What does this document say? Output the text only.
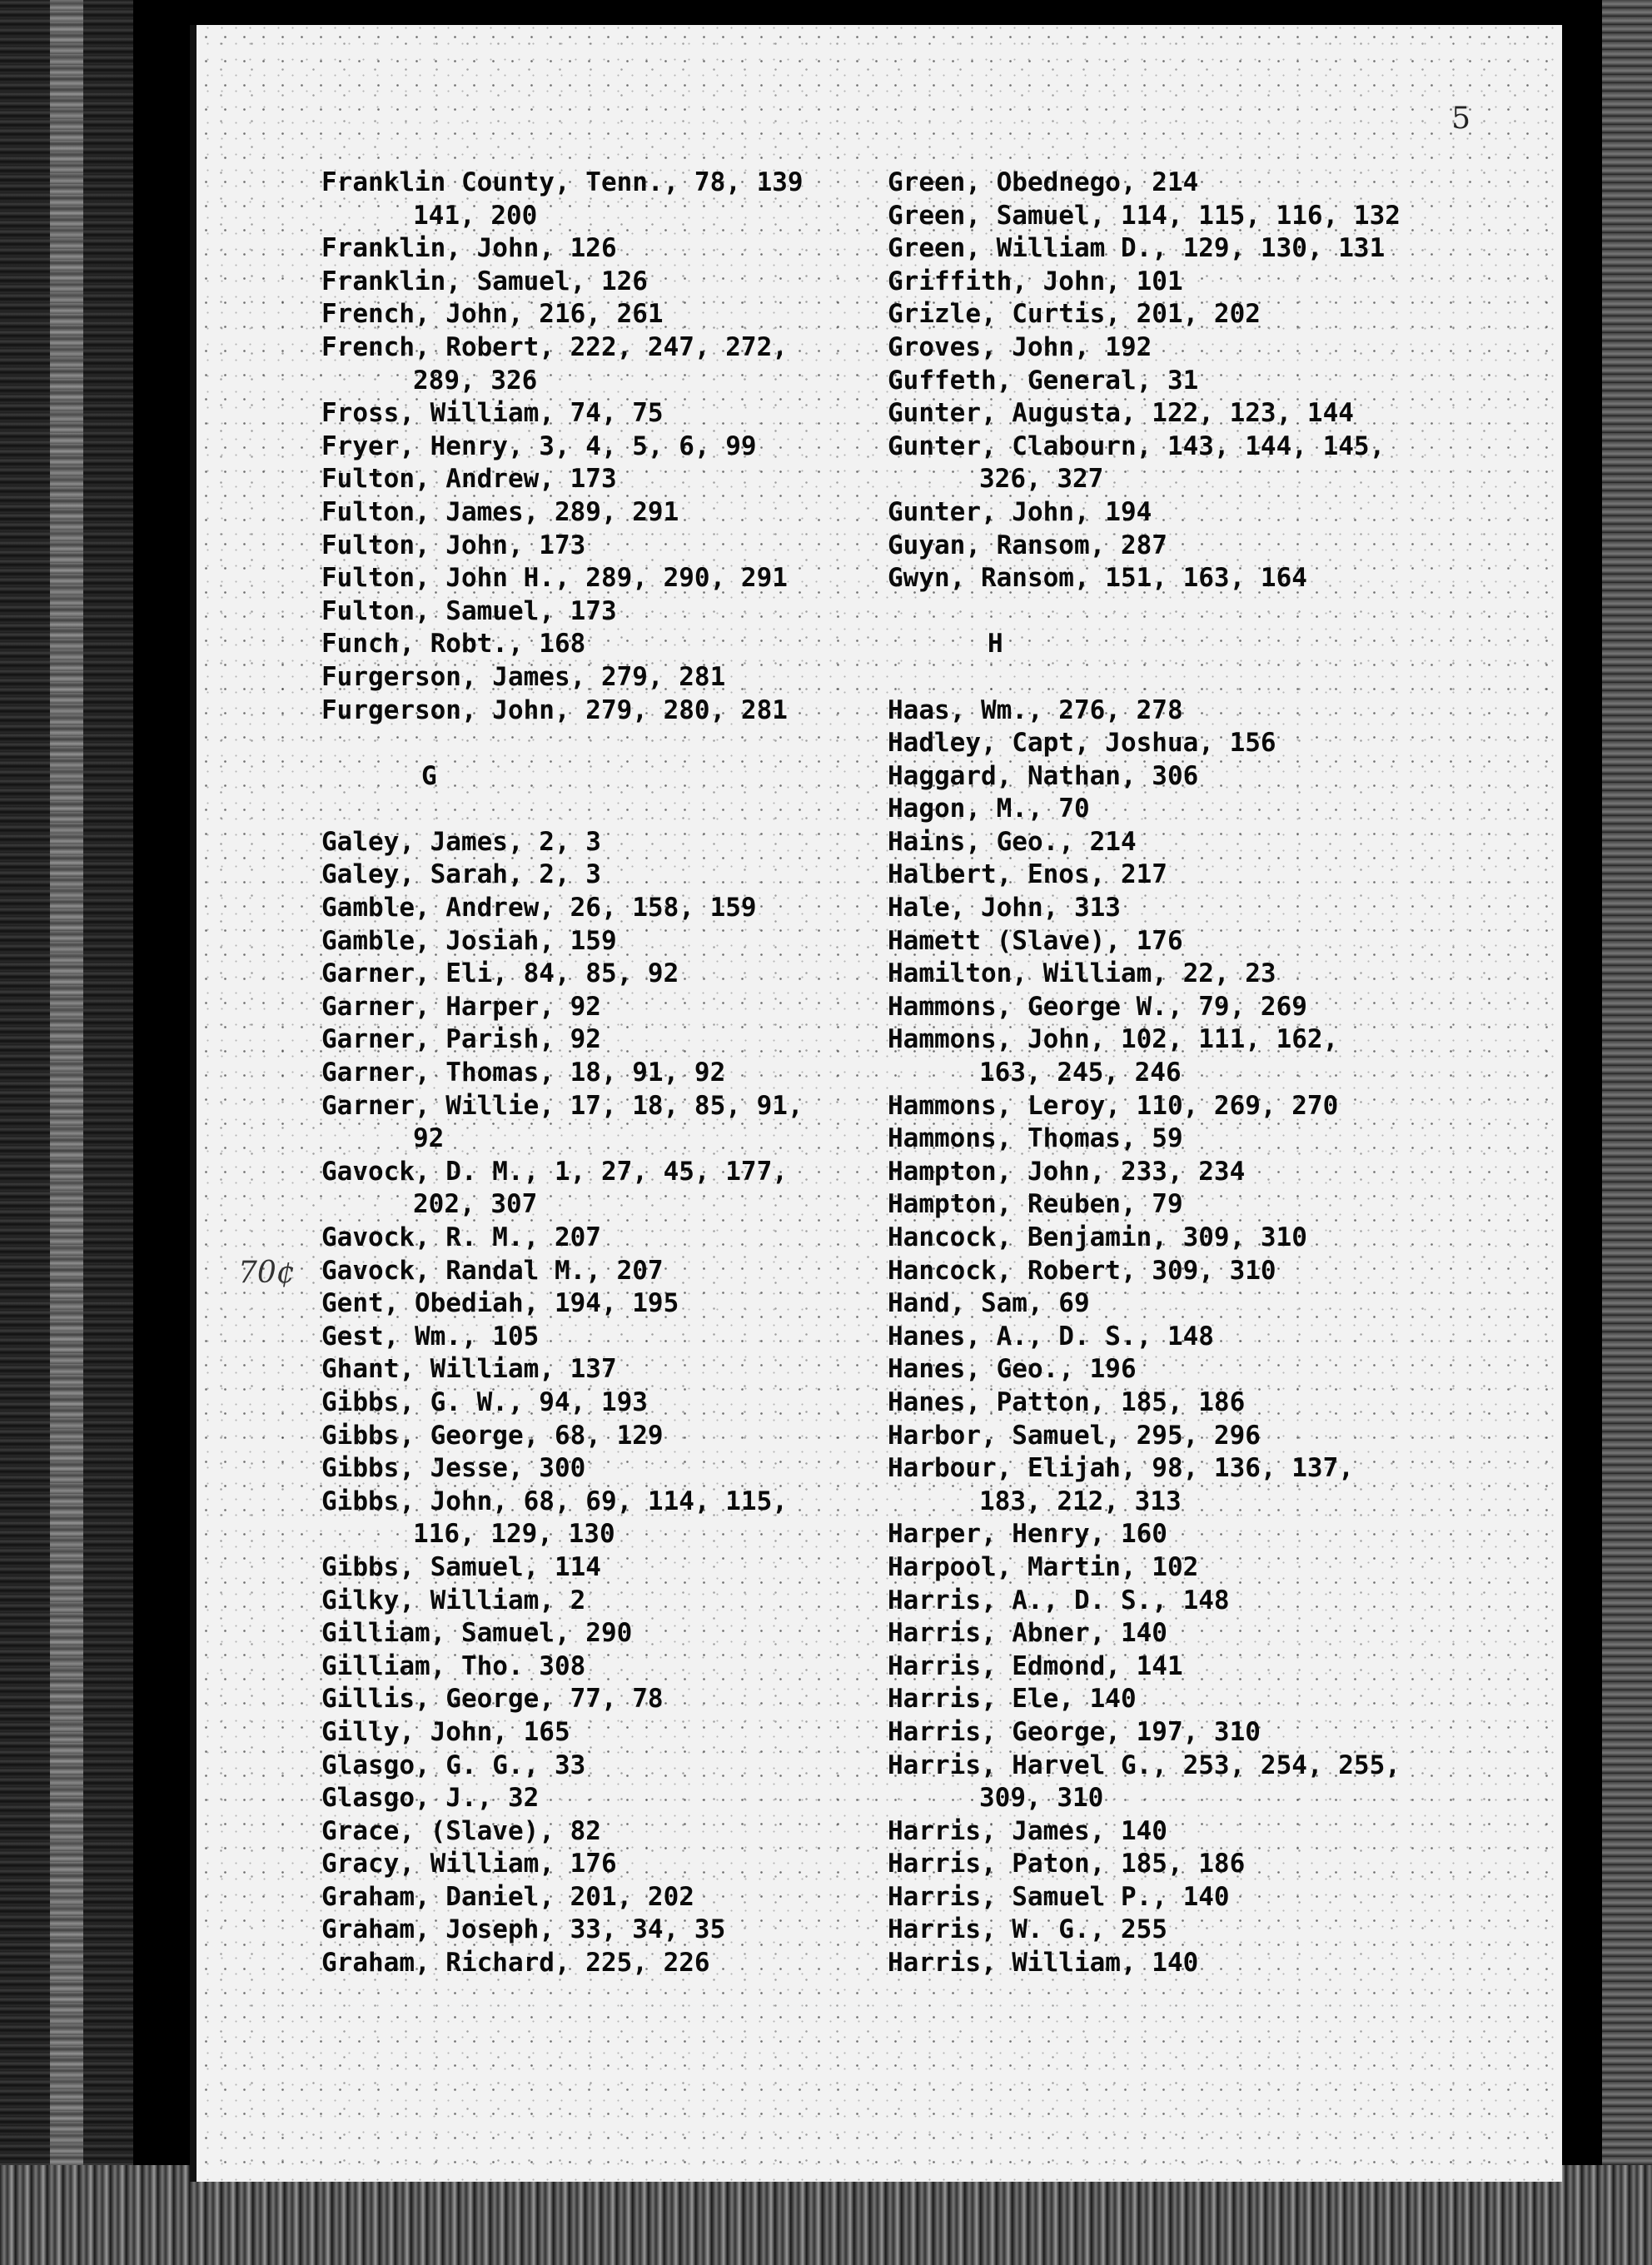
5
70¢
Franklin County, Tenn., 78, 139
141, 200
Franklin, John, 126
Franklin, Samuel, 126
French, John, 216, 261
French, Robert, 222, 247, 272,
289, 326
Fross, William, 74, 75
Fryer, Henry, 3, 4, 5, 6, 99
Fulton, Andrew, 173
Fulton, James, 289, 291
Fulton, John, 173
Fulton, John H., 289, 290, 291
Fulton, Samuel, 173
Funch, Robt., 168
Furgerson, James, 279, 281
Furgerson, John, 279, 280, 281
G
Galey, James, 2, 3
Galey, Sarah, 2, 3
Gamble, Andrew, 26, 158, 159
Gamble, Josiah, 159
Garner, Eli, 84, 85, 92
Garner, Harper, 92
Garner, Parish, 92
Garner, Thomas, 18, 91, 92
Garner, Willie, 17, 18, 85, 91,
92
Gavock, D. M., 1, 27, 45, 177,
202, 307
Gavock, R. M., 207
Gavock, Randal M., 207
Gent, Obediah, 194, 195
Gest, Wm., 105
Ghant, William, 137
Gibbs, G. W., 94, 193
Gibbs, George, 68, 129
Gibbs, Jesse, 300
Gibbs, John, 68, 69, 114, 115,
116, 129, 130
Gibbs, Samuel, 114
Gilky, William, 2
Gilliam, Samuel, 290
Gilliam, Tho. 308
Gillis, George, 77, 78
Gilly, John, 165
Glasgo, G. G., 33
Glasgo, J., 32
Grace, (Slave), 82
Gracy, William, 176
Graham, Daniel, 201, 202
Graham, Joseph, 33, 34, 35
Graham, Richard, 225, 226
Green, Obednego, 214
Green, Samuel, 114, 115, 116, 132
Green, William D., 129, 130, 131
Griffith, John, 101
Grizle, Curtis, 201, 202
Groves, John, 192
Guffeth, General, 31
Gunter, Augusta, 122, 123, 144
Gunter, Clabourn, 143, 144, 145,
326, 327
Gunter, John, 194
Guyan, Ransom, 287
Gwyn, Ransom, 151, 163, 164
H
Haas, Wm., 276, 278
Hadley, Capt, Joshua, 156
Haggard, Nathan, 306
Hagon, M., 70
Hains, Geo., 214
Halbert, Enos, 217
Hale, John, 313
Hamett (Slave), 176
Hamilton, William, 22, 23
Hammons, George W., 79, 269
Hammons, John, 102, 111, 162,
163, 245, 246
Hammons, Leroy, 110, 269, 270
Hammons, Thomas, 59
Hampton, John, 233, 234
Hampton, Reuben, 79
Hancock, Benjamin, 309, 310
Hancock, Robert, 309, 310
Hand, Sam, 69
Hanes, A., D. S., 148
Hanes, Geo., 196
Hanes, Patton, 185, 186
Harbor, Samuel, 295, 296
Harbour, Elijah, 98, 136, 137,
183, 212, 313
Harper, Henry, 160
Harpool, Martin, 102
Harris, A., D. S., 148
Harris, Abner, 140
Harris, Edmond, 141
Harris, Ele, 140
Harris, George, 197, 310
Harris, Harvel G., 253, 254, 255,
309, 310
Harris, James, 140
Harris, Paton, 185, 186
Harris, Samuel P., 140
Harris, W. G., 255
Harris, William, 140
